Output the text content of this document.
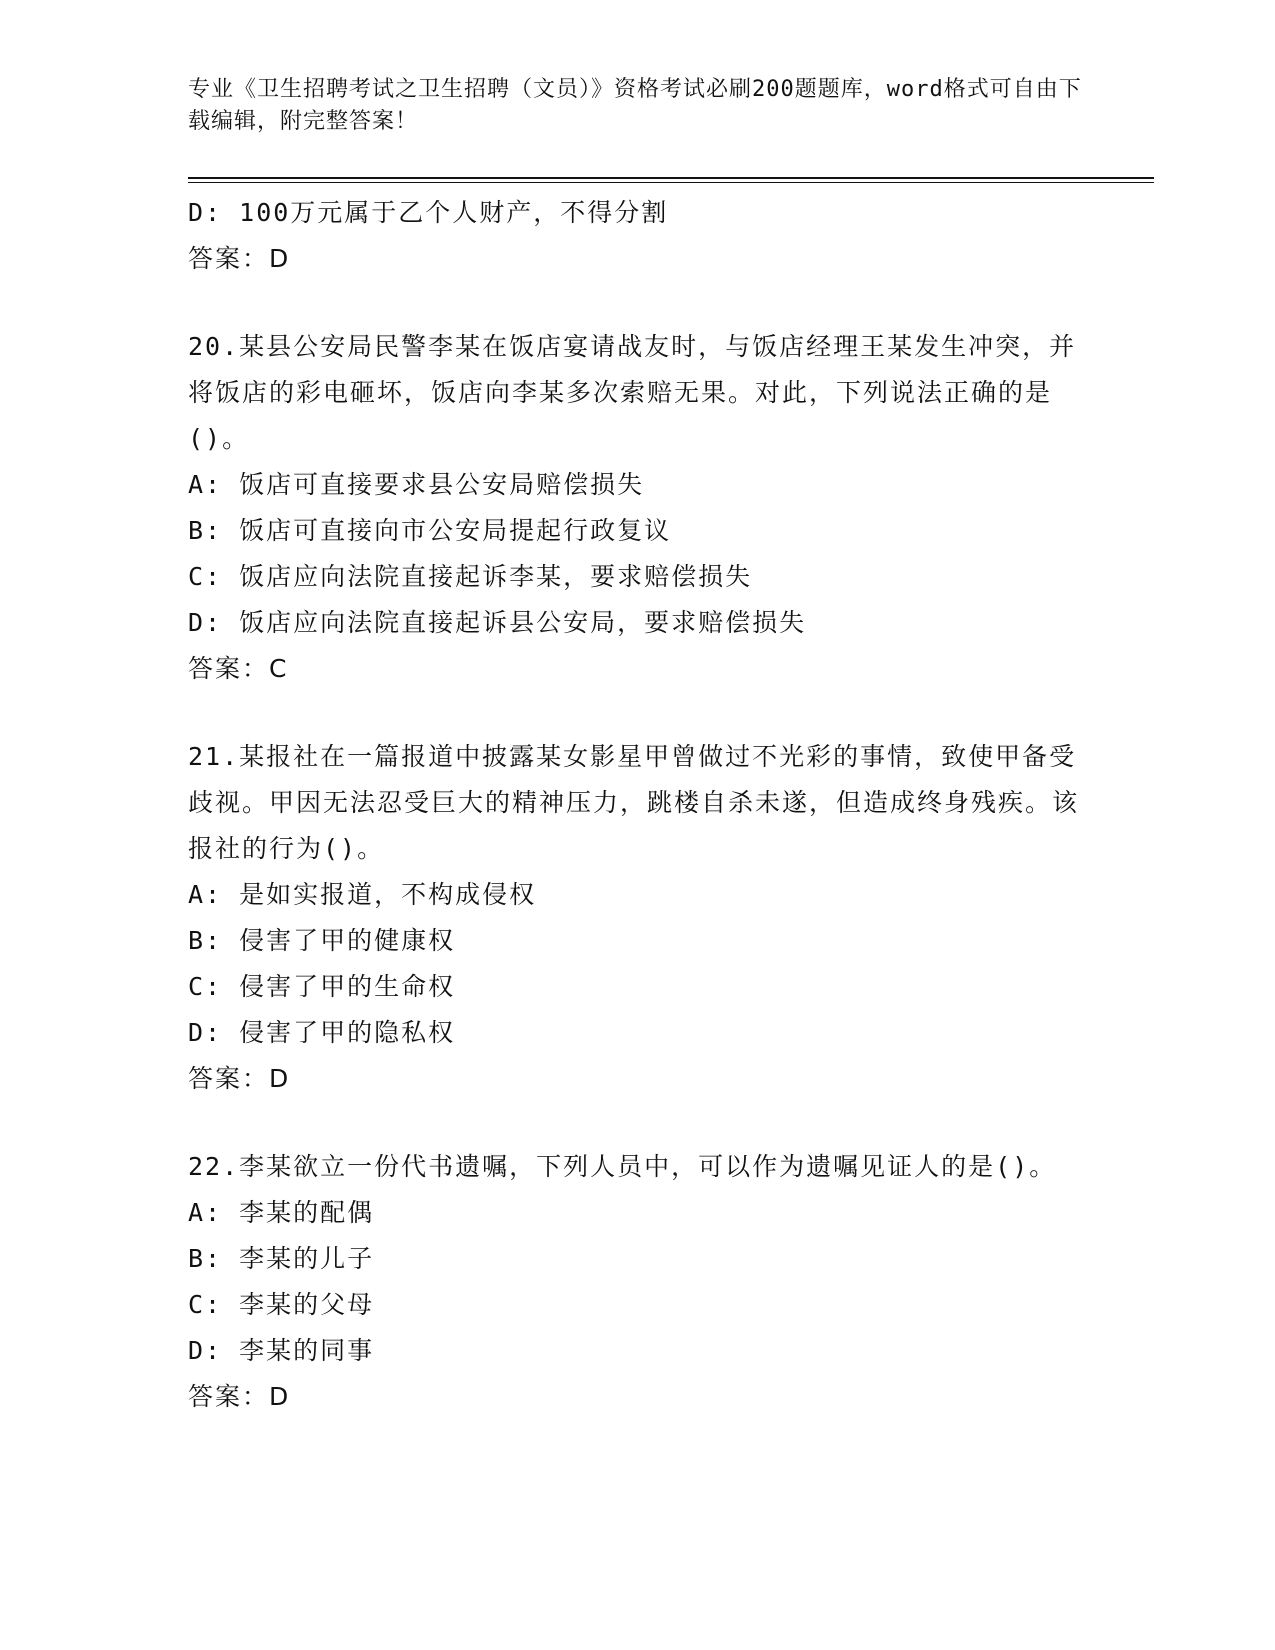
专业《卫生招聘考试之卫生招聘（文员）》资格考试必刷200题题库，word格式可自由下载编辑，附完整答案！
D: 100万元属于乙个人财产，不得分割
答案：D
20.某县公安局民警李某在饭店宴请战友时，与饭店经理王某发生冲突，并将饭店的彩电砸坏，饭店向李某多次索赔无果。对此，下列说法正确的是()。
A: 饭店可直接要求县公安局赔偿损失
B: 饭店可直接向市公安局提起行政复议
C: 饭店应向法院直接起诉李某，要求赔偿损失
D: 饭店应向法院直接起诉县公安局，要求赔偿损失
答案：C
21.某报社在一篇报道中披露某女影星甲曾做过不光彩的事情，致使甲备受歧视。甲因无法忍受巨大的精神压力，跳楼自杀未遂，但造成终身残疾。该报社的行为()。
A: 是如实报道，不构成侵权
B: 侵害了甲的健康权
C: 侵害了甲的生命权
D: 侵害了甲的隐私权
答案：D
22.李某欲立一份代书遗嘱，下列人员中，可以作为遗嘱见证人的是()。
A: 李某的配偶
B: 李某的儿子
C: 李某的父母
D: 李某的同事
答案：D
